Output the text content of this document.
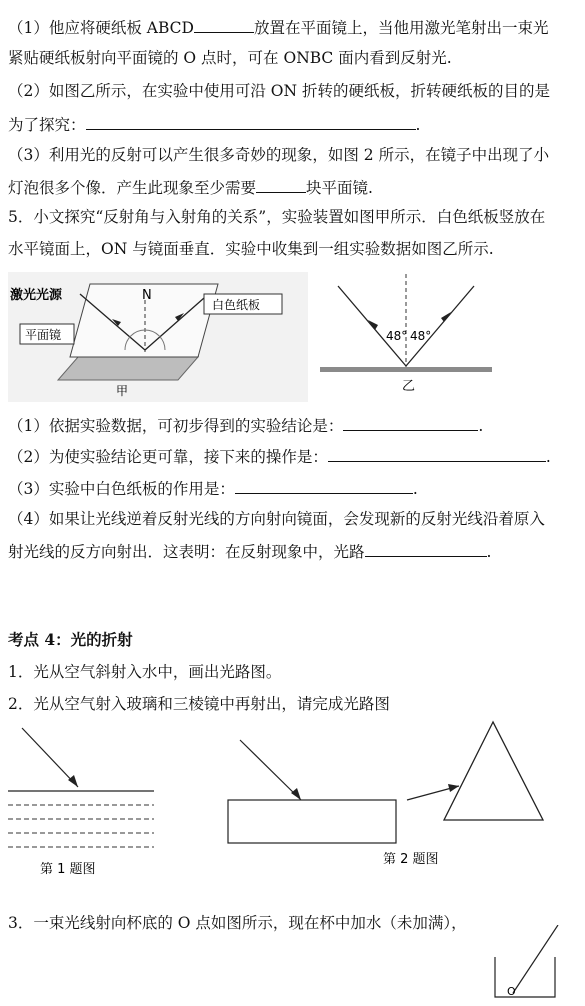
（1）他应将硬纸板 ABCD	放置在平面镜上，当他用激光笔射出一束光
紧贴硬纸板射向平面镜的 O 点时，可在 ONBC 面内看到反射光.
（2）如图乙所示，在实验中使用可沿 ON 折转的硬纸板，折转硬纸板的目的是
为了探究：	.
（3）利用光的反射可以产生很多奇妙的现象，如图 2 所示，在镜子中出现了小
灯泡很多个像．产生此现象至少需要	块平面镜.
5．小文探究“反射角与入射角的关系”，实验装置如图甲所示．白色纸板竖放在
水平镜面上，ON 与镜面垂直．实验中收集到一组实验数据如图乙所示.
N
激光光源
白色纸板
平面镜
甲
48° 48°
乙
（1）依据实验数据，可初步得到的实验结论是：	.
（2）为使实验结论更可靠，接下来的操作是：	.
（3）实验中白色纸板的作用是：	.
（4）如果让光线逆着反射光线的方向射向镜面，会发现新的反射光线沿着原入
射光线的反方向射出．这表明：在反射现象中，光路	.
考点 4：光的折射
1．光从空气斜射入水中，画出光路图。
2．光从空气射入玻璃和三棱镜中再射出，请完成光路图
第 1 题图
第 2 题图
3．一束光线射向杯底的 O 点如图所示，现在杯中加水（未加满），
O
